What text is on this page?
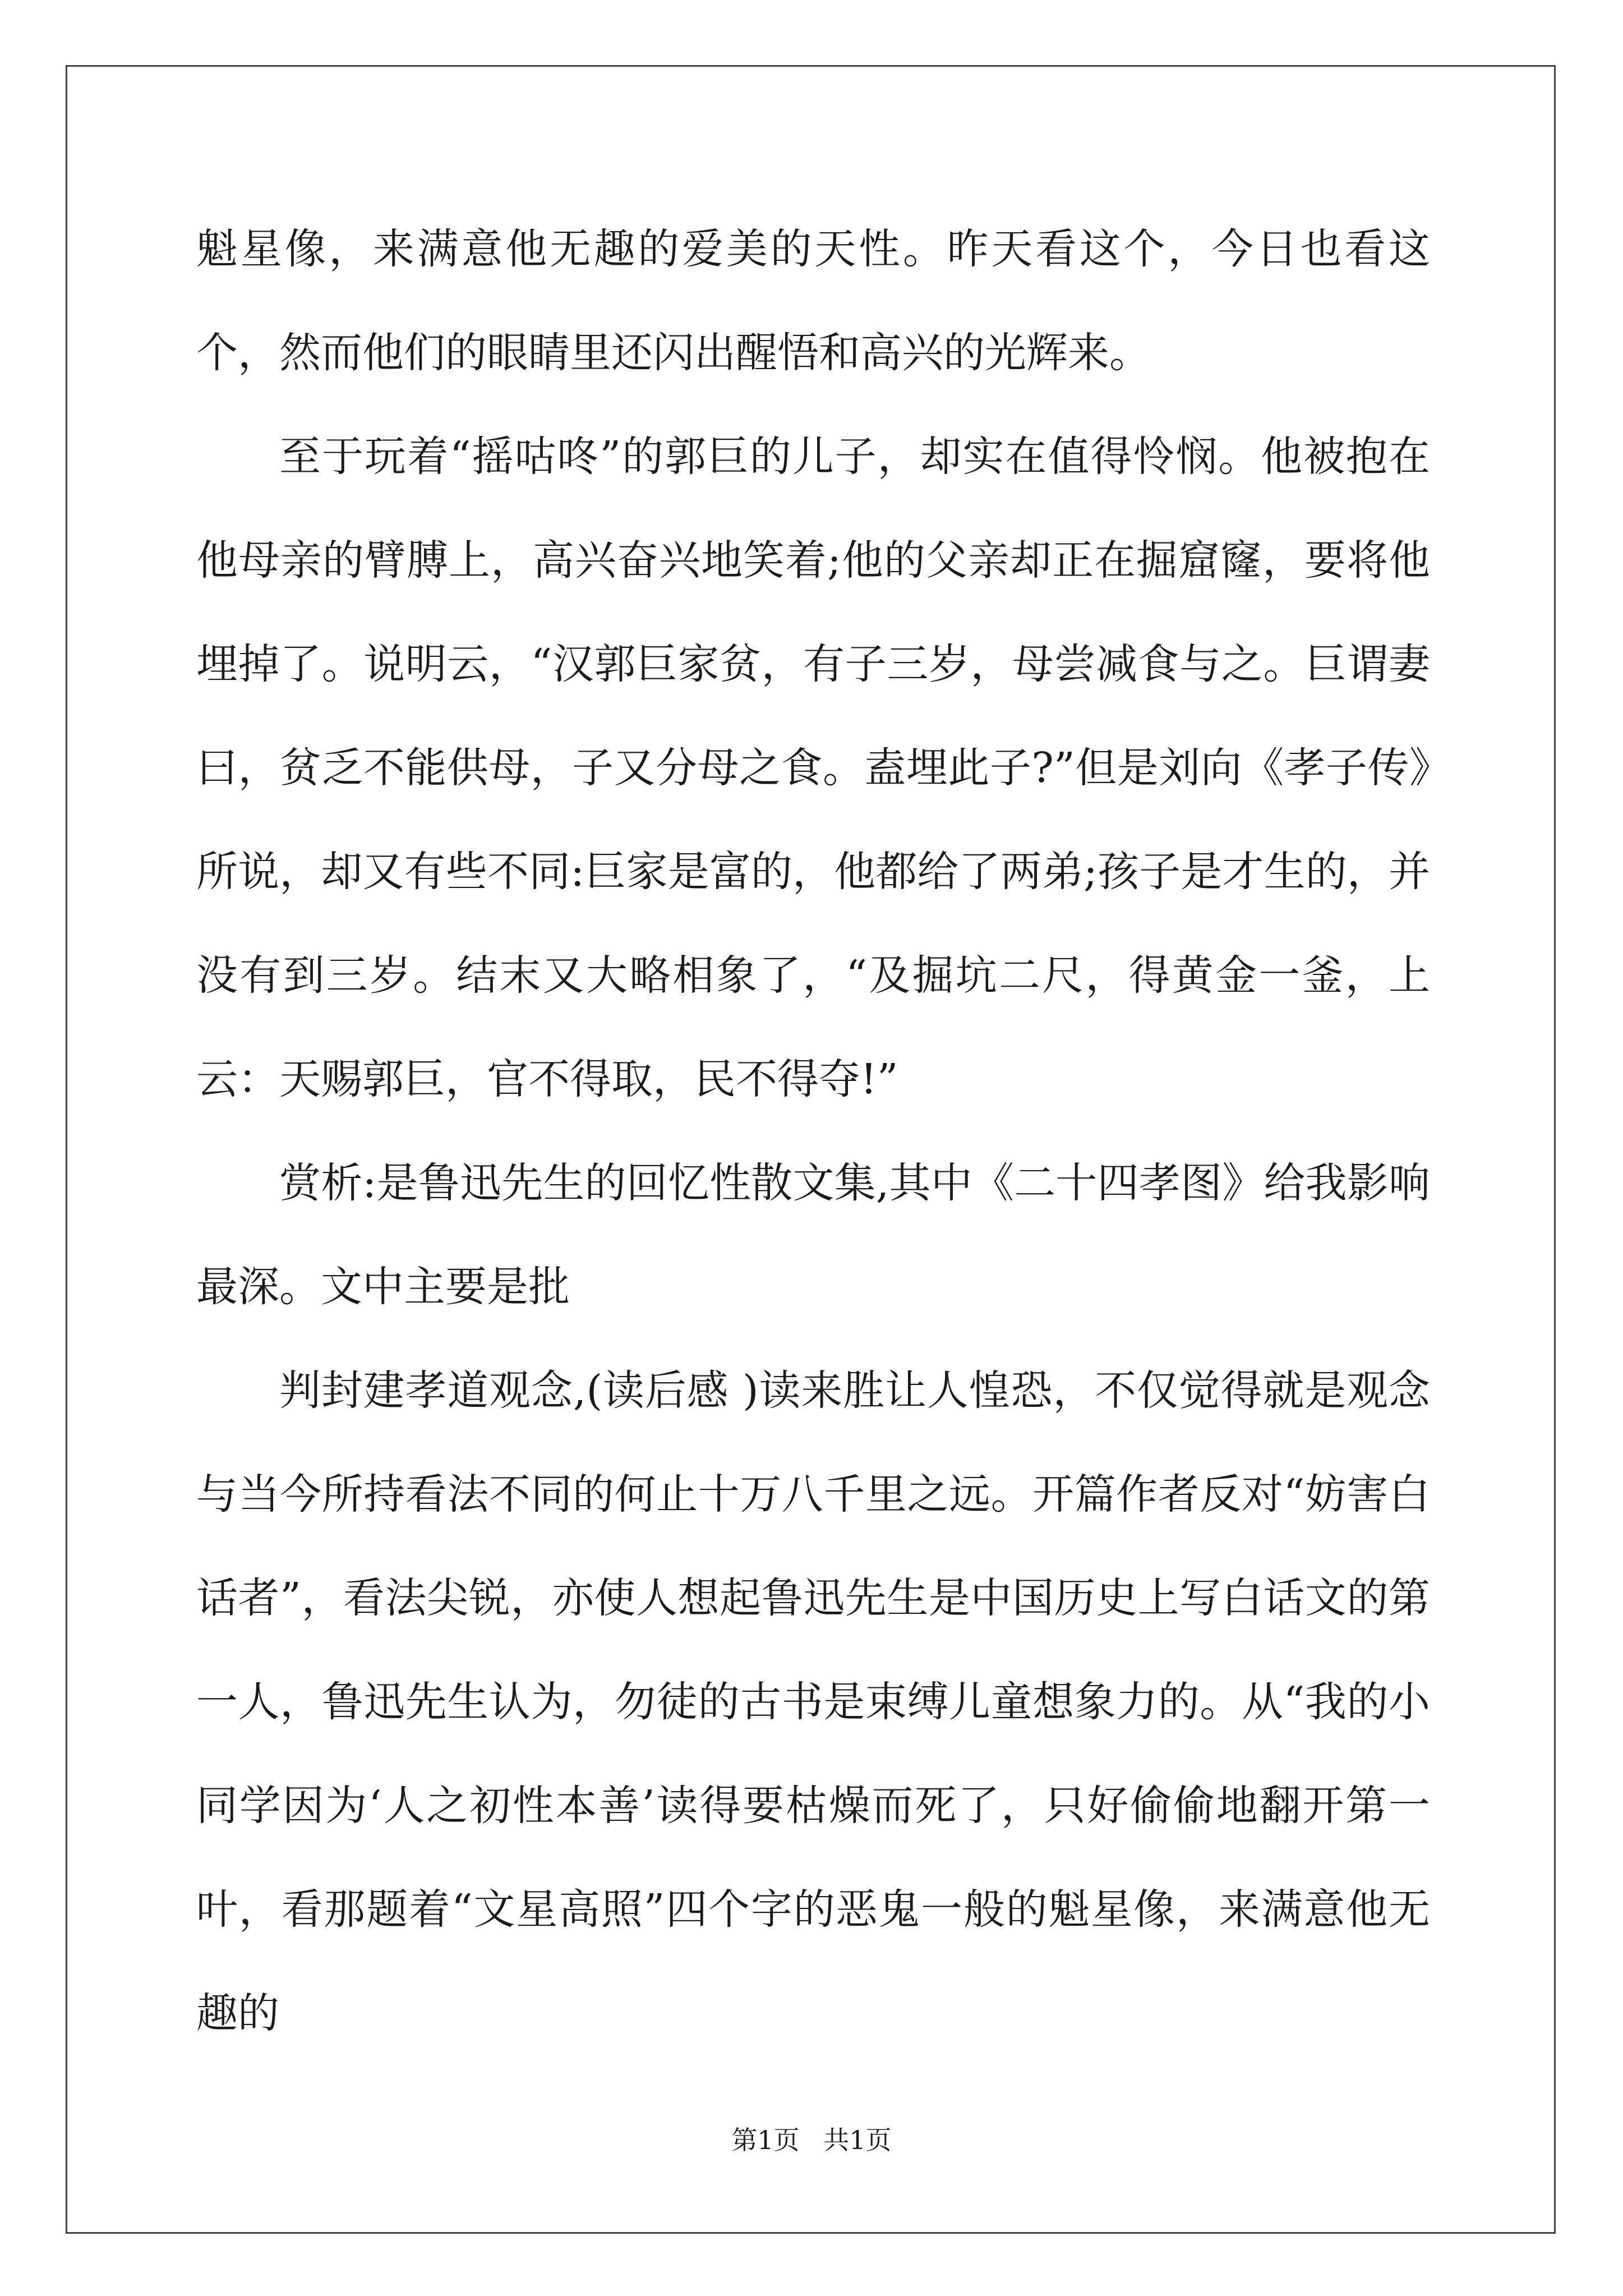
魁星像，来满意他无趣的爱美的天性。昨天看这个，今日也看这个，然而他们的眼睛里还闪出醒悟和高兴的光辉来。

至于玩着“摇咕咚”的郭巨的儿子，却实在值得怜悯。他被抱在他母亲的臂膊上，高兴奋兴地笑着;他的父亲却正在掘窟窿，要将他埋掉了。说明云，“汉郭巨家贫，有子三岁，母尝减食与之。巨谓妻曰，贫乏不能供母，子又分母之食。盍埋此子?”但是刘向《孝子传》所说，却又有些不同:巨家是富的，他都给了两弟;孩子是才生的，并没有到三岁。结末又大略相象了，“及掘坑二尺，得黄金一釜，上云：天赐郭巨，官不得取，民不得夺!”

赏析:是鲁迅先生的回忆性散文集,其中《二十四孝图》给我影响最深。文中主要是批

判封建孝道观念,(读后感 )读来胜让人惶恐，不仅觉得就是观念与当今所持看法不同的何止十万八千里之远。开篇作者反对“妨害白话者”，看法尖锐，亦使人想起鲁迅先生是中国历史上写白话文的第一人，鲁迅先生认为，勿徒的古书是束缚儿童想象力的。从“我的小同学因为‘人之初性本善’读得要枯燥而死了，只好偷偷地翻开第一叶，看那题着“文星高照”四个字的恶鬼一般的魁星像，来满意他无趣的

第1页 共1页
